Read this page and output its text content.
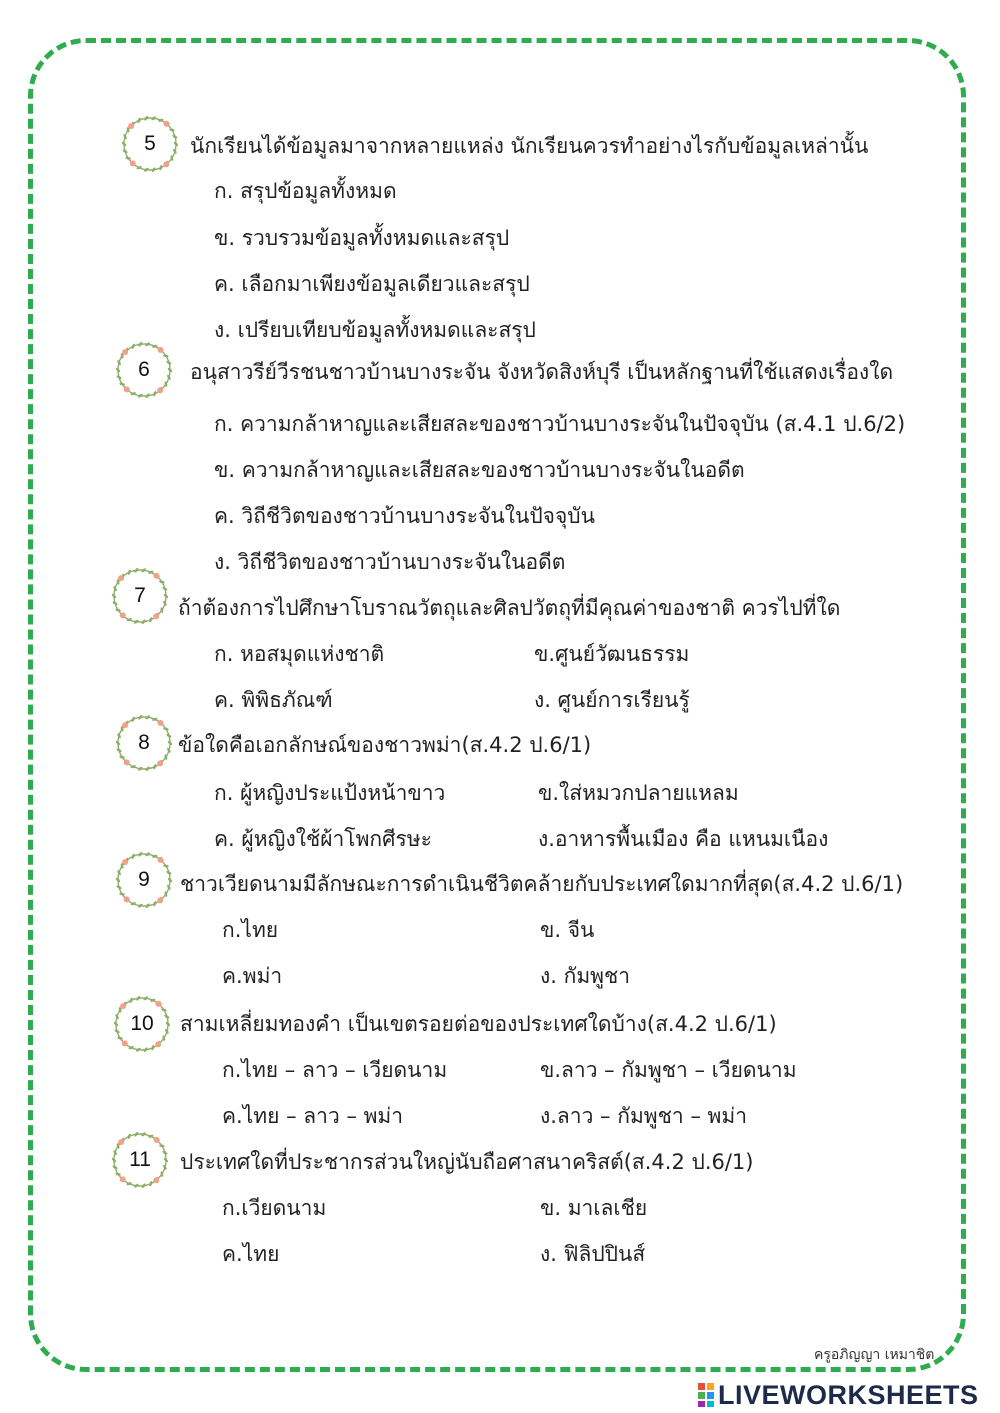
5	นักเรียนได้ข้อมูลมาจากหลายแหล่ง นักเรียนควรทำอย่างไรกับข้อมูลเหล่านั้น
ก. สรุปข้อมูลทั้งหมด
ข. รวบรวมข้อมูลทั้งหมดและสรุป
ค. เลือกมาเพียงข้อมูลเดียวและสรุป
ง. เปรียบเทียบข้อมูลทั้งหมดและสรุป
6	อนุสาวรีย์วีรชนชาวบ้านบางระจัน จังหวัดสิงห์บุรี เป็นหลักฐานที่ใช้แสดงเรื่องใด
ก. ความกล้าหาญและเสียสละของชาวบ้านบางระจันในปัจจุบัน (ส.4.1 ป.6/2)
ข. ความกล้าหาญและเสียสละของชาวบ้านบางระจันในอดีต
ค. วิถีชีวิตของชาวบ้านบางระจันในปัจจุบัน
ง. วิถีชีวิตของชาวบ้านบางระจันในอดีต
7
ถ้าต้องการไปศึกษาโบราณวัตถุและศิลปวัตถุที่มีคุณค่าของชาติ ควรไปที่ใด
ก. หอสมุดแห่งชาติ	ข.ศูนย์วัฒนธรรม
ค. พิพิธภัณฑ์	ง. ศูนย์การเรียนรู้
8	ข้อใดคือเอกลักษณ์ของชาวพม่า(ส.4.2 ป.6/1)
ก. ผู้หญิงประแป้งหน้าขาว	ข.ใส่หมวกปลายแหลม
ค. ผู้หญิงใช้ผ้าโพกศีรษะ	ง.อาหารพื้นเมือง คือ แหนมเนือง
9	ชาวเวียดนามมีลักษณะการดำเนินชีวิตคล้ายกับประเทศใดมากที่สุด(ส.4.2 ป.6/1)
ก.ไทย	ข. จีน
ค.พม่า	ง. กัมพูชา
10	สามเหลี่ยมทองคำ เป็นเขตรอยต่อของประเทศใดบ้าง(ส.4.2 ป.6/1)
ก.ไทย – ลาว – เวียดนาม	ข.ลาว – กัมพูชา – เวียดนาม
ค.ไทย – ลาว – พม่า	ง.ลาว – กัมพูชา – พม่า
11	ประเทศใดที่ประชากรส่วนใหญ่นับถือศาสนาคริสต์(ส.4.2 ป.6/1)
ก.เวียดนาม	ข. มาเลเชีย
ค.ไทย	ง. ฟิลิปปินส์
ครูอภิญญา เหมาชิต
LIVEWORKSHEETS
